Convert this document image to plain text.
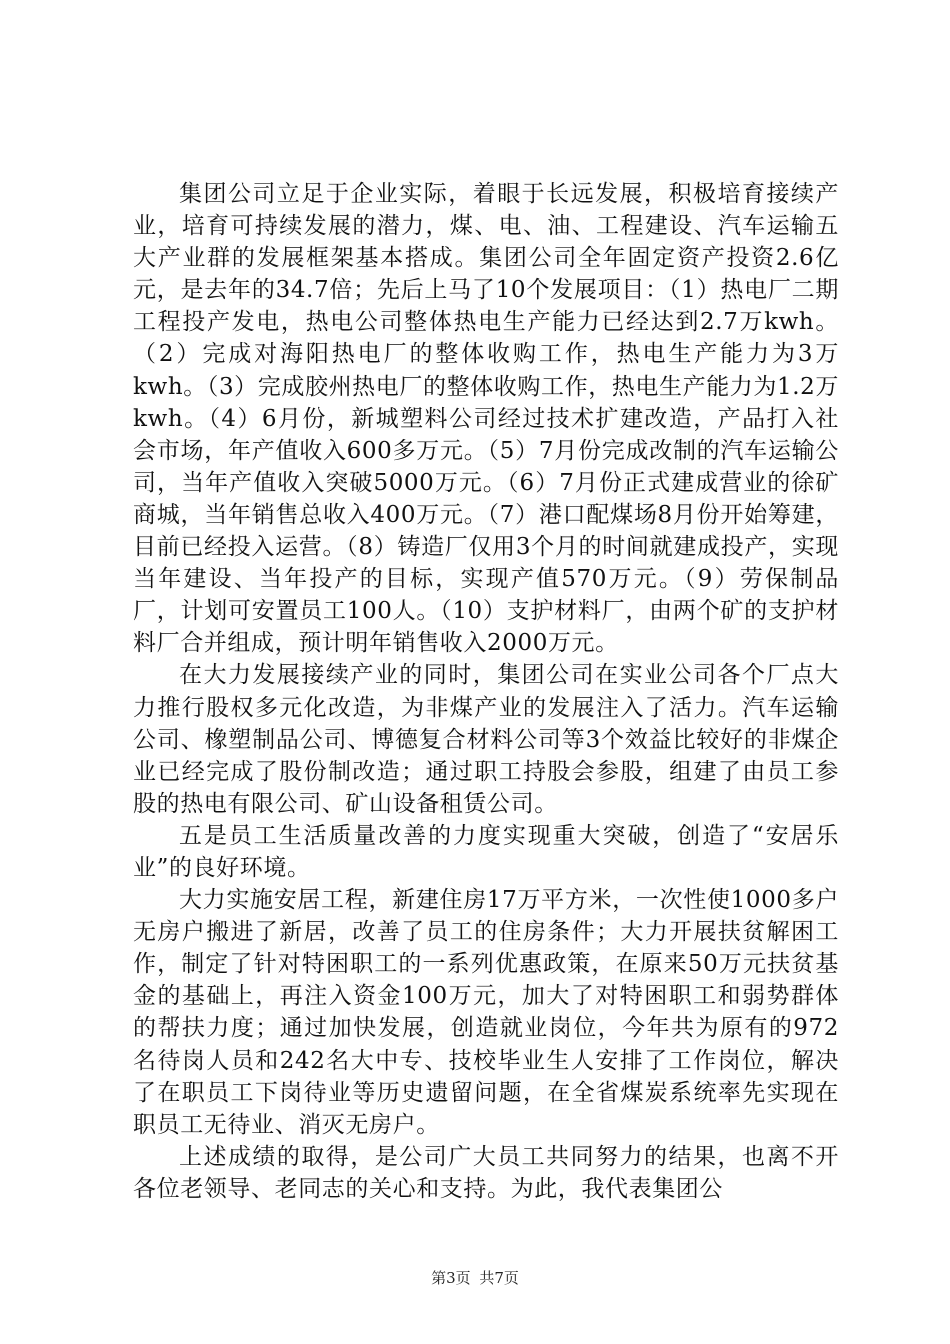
集团公司立足于企业实际，着眼于长远发展，积极培育接续产业，培育可持续发展的潜力，煤、电、油、工程建设、汽车运输五大产业群的发展框架基本搭成。集团公司全年固定资产投资2.6亿元，是去年的34.7倍；先后上马了10个发展项目：（1）热电厂二期工程投产发电，热电公司整体热电生产能力已经达到2.7万kwh。（2）完成对海阳热电厂的整体收购工作，热电生产能力为3万kwh。（3）完成胶州热电厂的整体收购工作，热电生产能力为1.2万kwh。（4）6月份，新城塑料公司经过技术扩建改造，产品打入社会市场，年产值收入600多万元。（5）7月份完成改制的汽车运输公司，当年产值收入突破5000万元。（6）7月份正式建成营业的徐矿商城，当年销售总收入400万元。（7）港口配煤场8月份开始筹建，目前已经投入运营。（8）铸造厂仅用3个月的时间就建成投产，实现当年建设、当年投产的目标，实现产值570万元。（9）劳保制品厂，计划可安置员工100人。（10）支护材料厂，由两个矿的支护材料厂合并组成，预计明年销售收入2000万元。

在大力发展接续产业的同时，集团公司在实业公司各个厂点大力推行股权多元化改造，为非煤产业的发展注入了活力。汽车运输公司、橡塑制品公司、博德复合材料公司等3个效益比较好的非煤企业已经完成了股份制改造；通过职工持股会参股，组建了由员工参股的热电有限公司、矿山设备租赁公司。

五是员工生活质量改善的力度实现重大突破，创造了“安居乐业”的良好环境。

大力实施安居工程，新建住房17万平方米，一次性使1000多户无房户搬进了新居，改善了员工的住房条件；大力开展扶贫解困工作，制定了针对特困职工的一系列优惠政策，在原来50万元扶贫基金的基础上，再注入资金100万元，加大了对特困职工和弱势群体的帮扶力度；通过加快发展，创造就业岗位，今年共为原有的972名待岗人员和242名大中专、技校毕业生人安排了工作岗位，解决了在职员工下岗待业等历史遗留问题，在全省煤炭系统率先实现在职员工无待业、消灭无房户。

上述成绩的取得，是公司广大员工共同努力的结果，也离不开各位老领导、老同志的关心和支持。为此，我代表集团公

第3页 共7页
